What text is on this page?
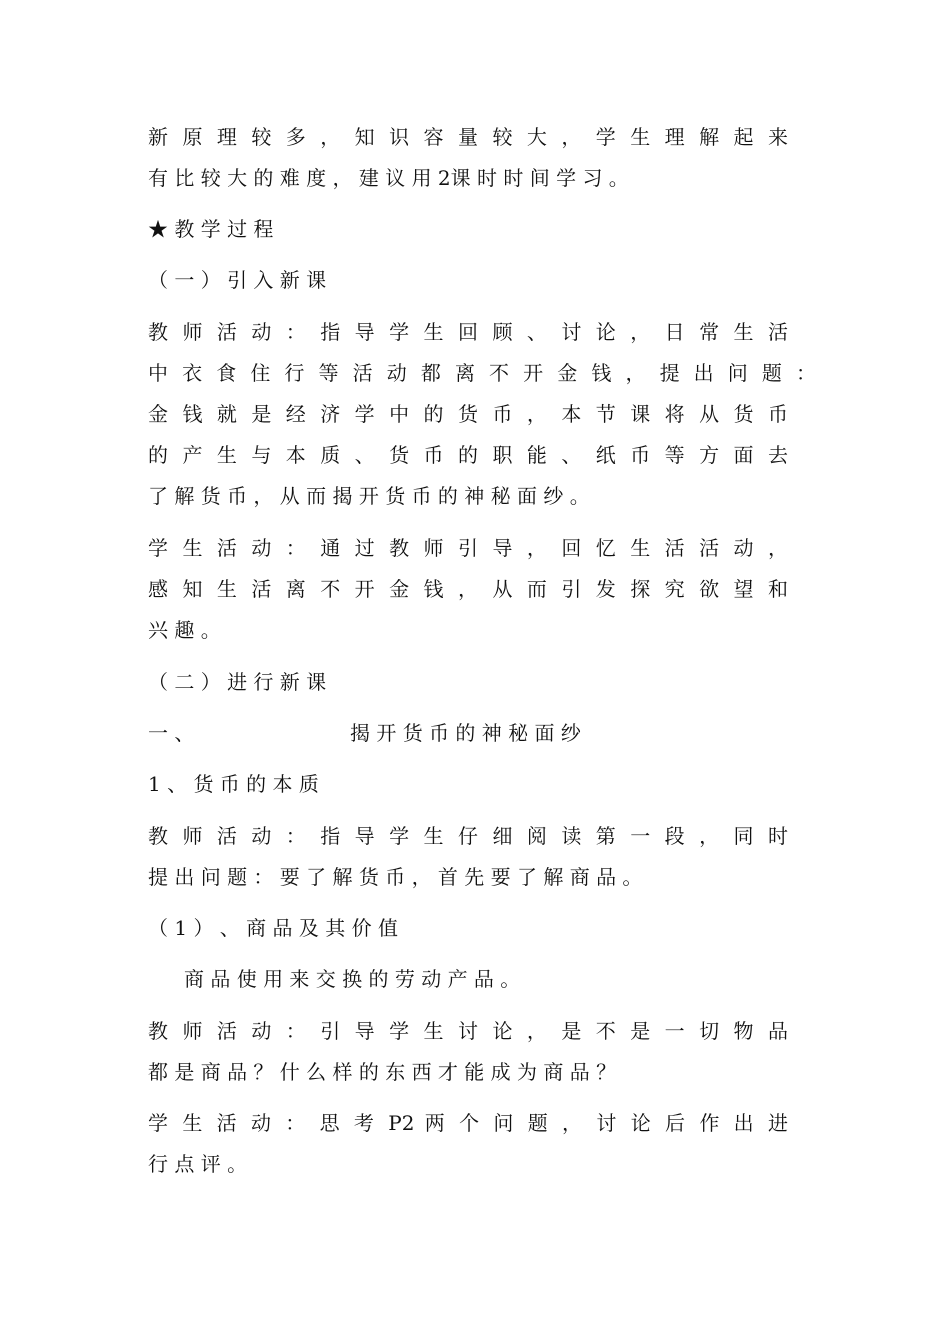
新 原 理 较 多 ， 知 识 容 量 较 大 ， 学 生 理 解 起 来
有 比 较 大 的 难 度 ， 建 议 用 2课 时 时 间 学 习 。
★ 教 学 过 程
（ 一 ） 引 入 新 课
教 师 活 动 ： 指 导 学 生 回 顾 、 讨 论 ， 日 常 生 活
中 衣 食 住 行 等 活 动 都 离 不 开 金 钱 ， 提 出 问 题 ：
金 钱 就 是 经 济 学 中 的 货 币 ， 本 节 课 将 从 货 币
的 产 生 与 本 质 、 货 币 的 职 能 、 纸 币 等 方 面 去
了 解 货 币 ， 从 而 揭 开 货 币 的 神 秘 面 纱 。
学 生 活 动 ： 通 过 教 师 引 导 ， 回 忆 生 活 活 动 ，
感 知 生 活 离 不 开 金 钱 ， 从 而 引 发 探 究 欲 望 和
兴 趣 。
（ 二 ） 进 行 新 课
一 、	揭 开 货 币 的 神 秘 面 纱
1 、 货 币 的 本 质
教 师 活 动 ： 指 导 学 生 仔 细 阅 读 第 一 段 ， 同 时
提 出 问 题 ： 要 了 解 货 币 ， 首 先 要 了 解 商 品 。
（ 1 ） 、 商 品 及 其 价 值
商 品 使 用 来 交 换 的 劳 动 产 品 。
教 师 活 动 ： 引 导 学 生 讨 论 ， 是 不 是 一 切 物 品
都 是 商 品 ？ 什 么 样 的 东 西 才 能 成 为 商 品 ？
学 生 活 动 ： 思 考 P2 两 个 问 题 ， 讨 论 后 作 出 进
行 点 评 。
